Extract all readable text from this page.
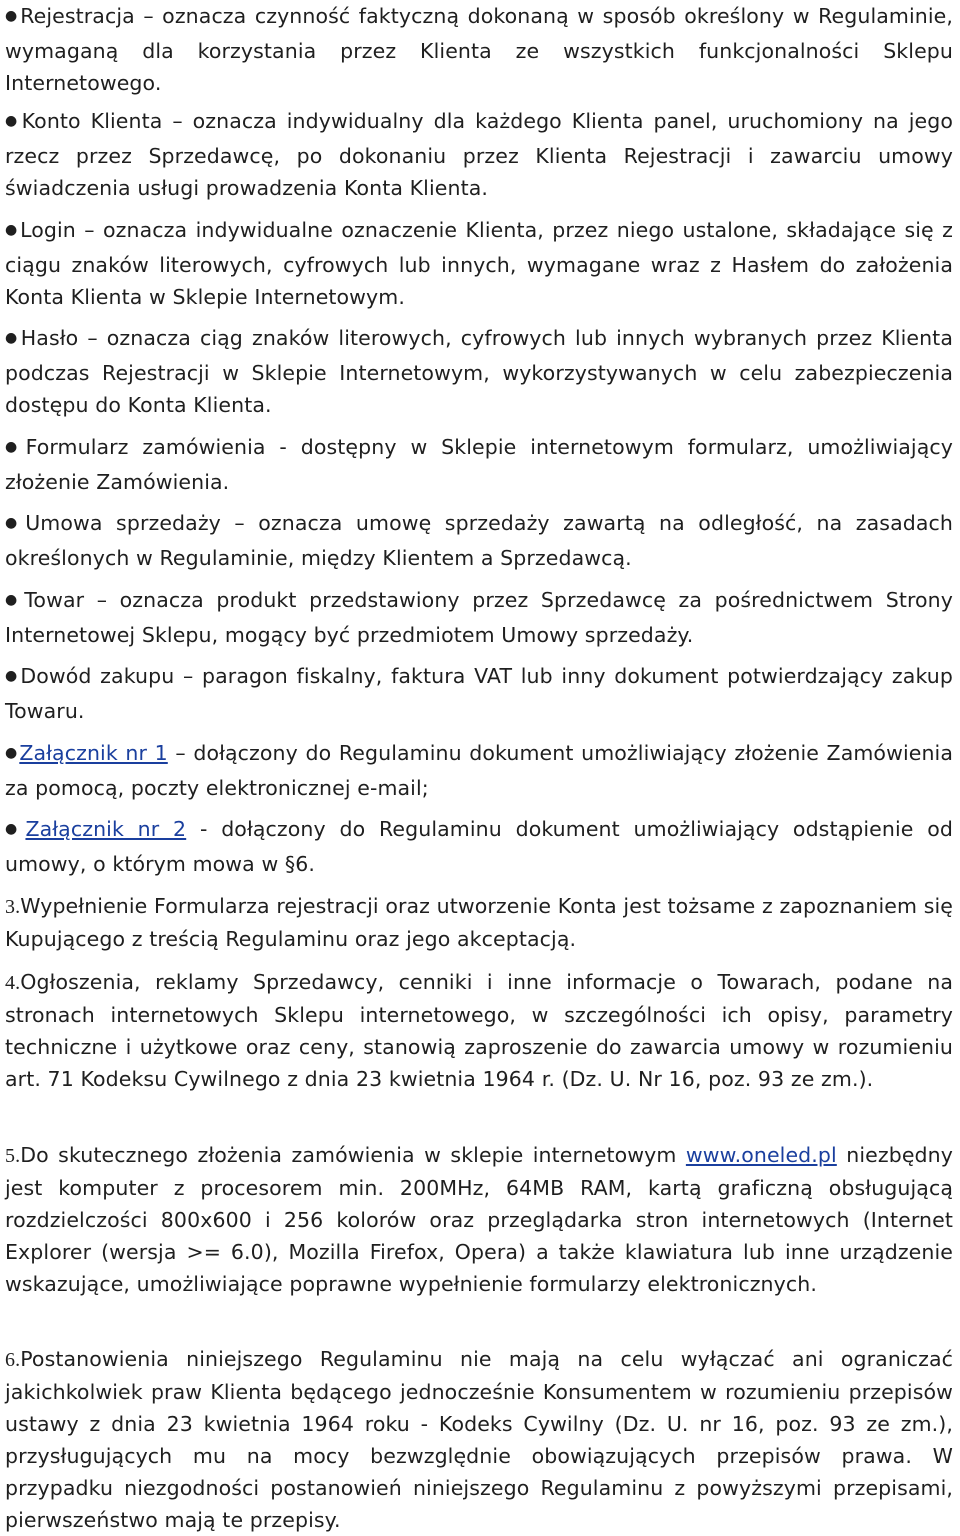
●Rejestracja – oznacza czynność faktyczną dokonaną w sposób określony w Regulaminie, wymaganą dla korzystania przez Klienta ze wszystkich funkcjonalności Sklepu Internetowego.

●Konto Klienta – oznacza indywidualny dla każdego Klienta panel, uruchomiony na jego rzecz przez Sprzedawcę, po dokonaniu przez Klienta Rejestracji i zawarciu umowy świadczenia usługi prowadzenia Konta Klienta.

●Login – oznacza indywidualne oznaczenie Klienta, przez niego ustalone, składające się z ciągu znaków literowych, cyfrowych lub innych, wymagane wraz z Hasłem do założenia Konta Klienta w Sklepie Internetowym.

●Hasło – oznacza ciąg znaków literowych, cyfrowych lub innych wybranych przez Klienta podczas Rejestracji w Sklepie Internetowym, wykorzystywanych w celu zabezpieczenia dostępu do Konta Klienta.

●Formularz zamówienia - dostępny w Sklepie internetowym formularz, umożliwiający złożenie Zamówienia.

●Umowa sprzedaży – oznacza umowę sprzedaży zawartą na odległość, na zasadach określonych w Regulaminie, między Klientem a Sprzedawcą.

●Towar – oznacza produkt przedstawiony przez Sprzedawcę za pośrednictwem Strony Internetowej Sklepu, mogący być przedmiotem Umowy sprzedaży.

●Dowód zakupu – paragon fiskalny, faktura VAT lub inny dokument potwierdzający zakup Towaru.

●Załącznik nr 1 – dołączony do Regulaminu dokument umożliwiający złożenie Zamówienia za pomocą, poczty elektronicznej e-mail;

●Załącznik nr 2 - dołączony do Regulaminu dokument umożliwiający odstąpienie od umowy, o którym mowa w §6.

3.Wypełnienie Formularza rejestracji oraz utworzenie Konta jest tożsame z zapoznaniem się Kupującego z treścią Regulaminu oraz jego akceptacją.

4.Ogłoszenia, reklamy Sprzedawcy, cenniki i inne informacje o Towarach, podane na stronach internetowych Sklepu internetowego, w szczególności ich opisy, parametry techniczne i użytkowe oraz ceny, stanowią zaproszenie do zawarcia umowy w rozumieniu art. 71 Kodeksu Cywilnego z dnia 23 kwietnia 1964 r. (Dz. U. Nr 16, poz. 93 ze zm.).

5.Do skutecznego złożenia zamówienia w sklepie internetowym www.oneled.pl niezbędny jest komputer z procesorem min. 200MHz, 64MB RAM, kartą graficzną obsługującą rozdzielczości 800x600 i 256 kolorów oraz przeglądarka stron internetowych (Internet Explorer (wersja >= 6.0), Mozilla Firefox, Opera) a także klawiatura lub inne urządzenie wskazujące, umożliwiające poprawne wypełnienie formularzy elektronicznych.

6.Postanowienia niniejszego Regulaminu nie mają na celu wyłączać ani ograniczać jakichkolwiek praw Klienta będącego jednocześnie Konsumentem w rozumieniu przepisów ustawy z dnia 23 kwietnia 1964 roku - Kodeks Cywilny (Dz. U. nr 16, poz. 93 ze zm.), przysługujących mu na mocy bezwzględnie obowiązujących przepisów prawa. W przypadku niezgodności postanowień niniejszego Regulaminu z powyższymi przepisami, pierwszeństwo mają te przepisy.
